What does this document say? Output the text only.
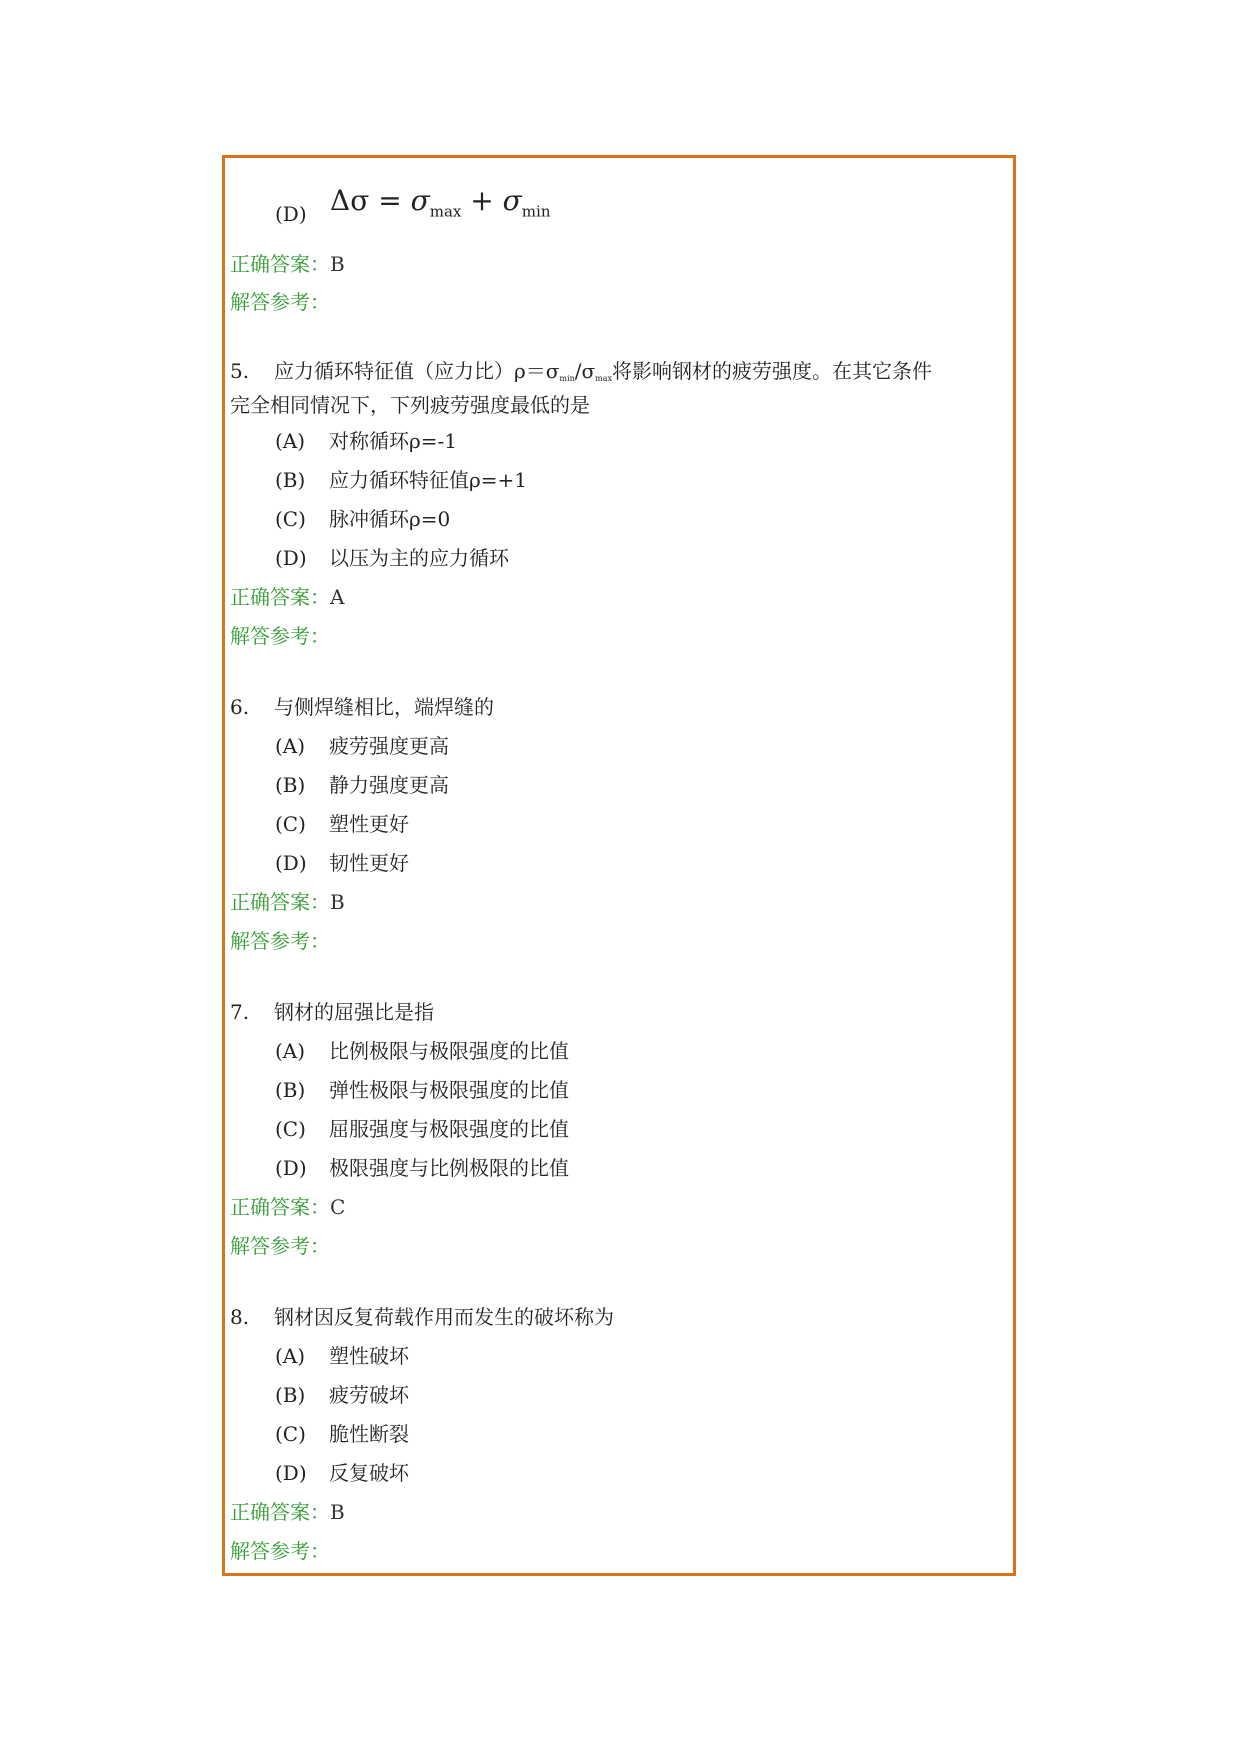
(D) $\Delta\sigma = \sigma_{max} + \sigma_{min}$
正确答案：B
解答参考：
5. 应力循环特征值（应力比）$\rho=\sigma_{min}/\sigma_{max}$将影响钢材的疲劳强度。在其它条件
完全相同情况下，下列疲劳强度最低的是
(A) 对称循环ρ=-1
(B) 应力循环特征值ρ=+1
(C) 脉冲循环ρ=0
(D) 以压为主的应力循环
正确答案：A
解答参考：
6. 与侧焊缝相比，端焊缝的
(A) 疲劳强度更高
(B) 静力强度更高
(C) 塑性更好
(D) 韧性更好
正确答案：B
解答参考：
7. 钢材的屈强比是指
(A) 比例极限与极限强度的比值
(B) 弹性极限与极限强度的比值
(C) 屈服强度与极限强度的比值
(D) 极限强度与比例极限的比值
正确答案：C
解答参考：
8. 钢材因反复荷载作用而发生的破坏称为
(A) 塑性破坏
(B) 疲劳破坏
(C) 脆性断裂
(D) 反复破坏
正确答案：B
解答参考：
